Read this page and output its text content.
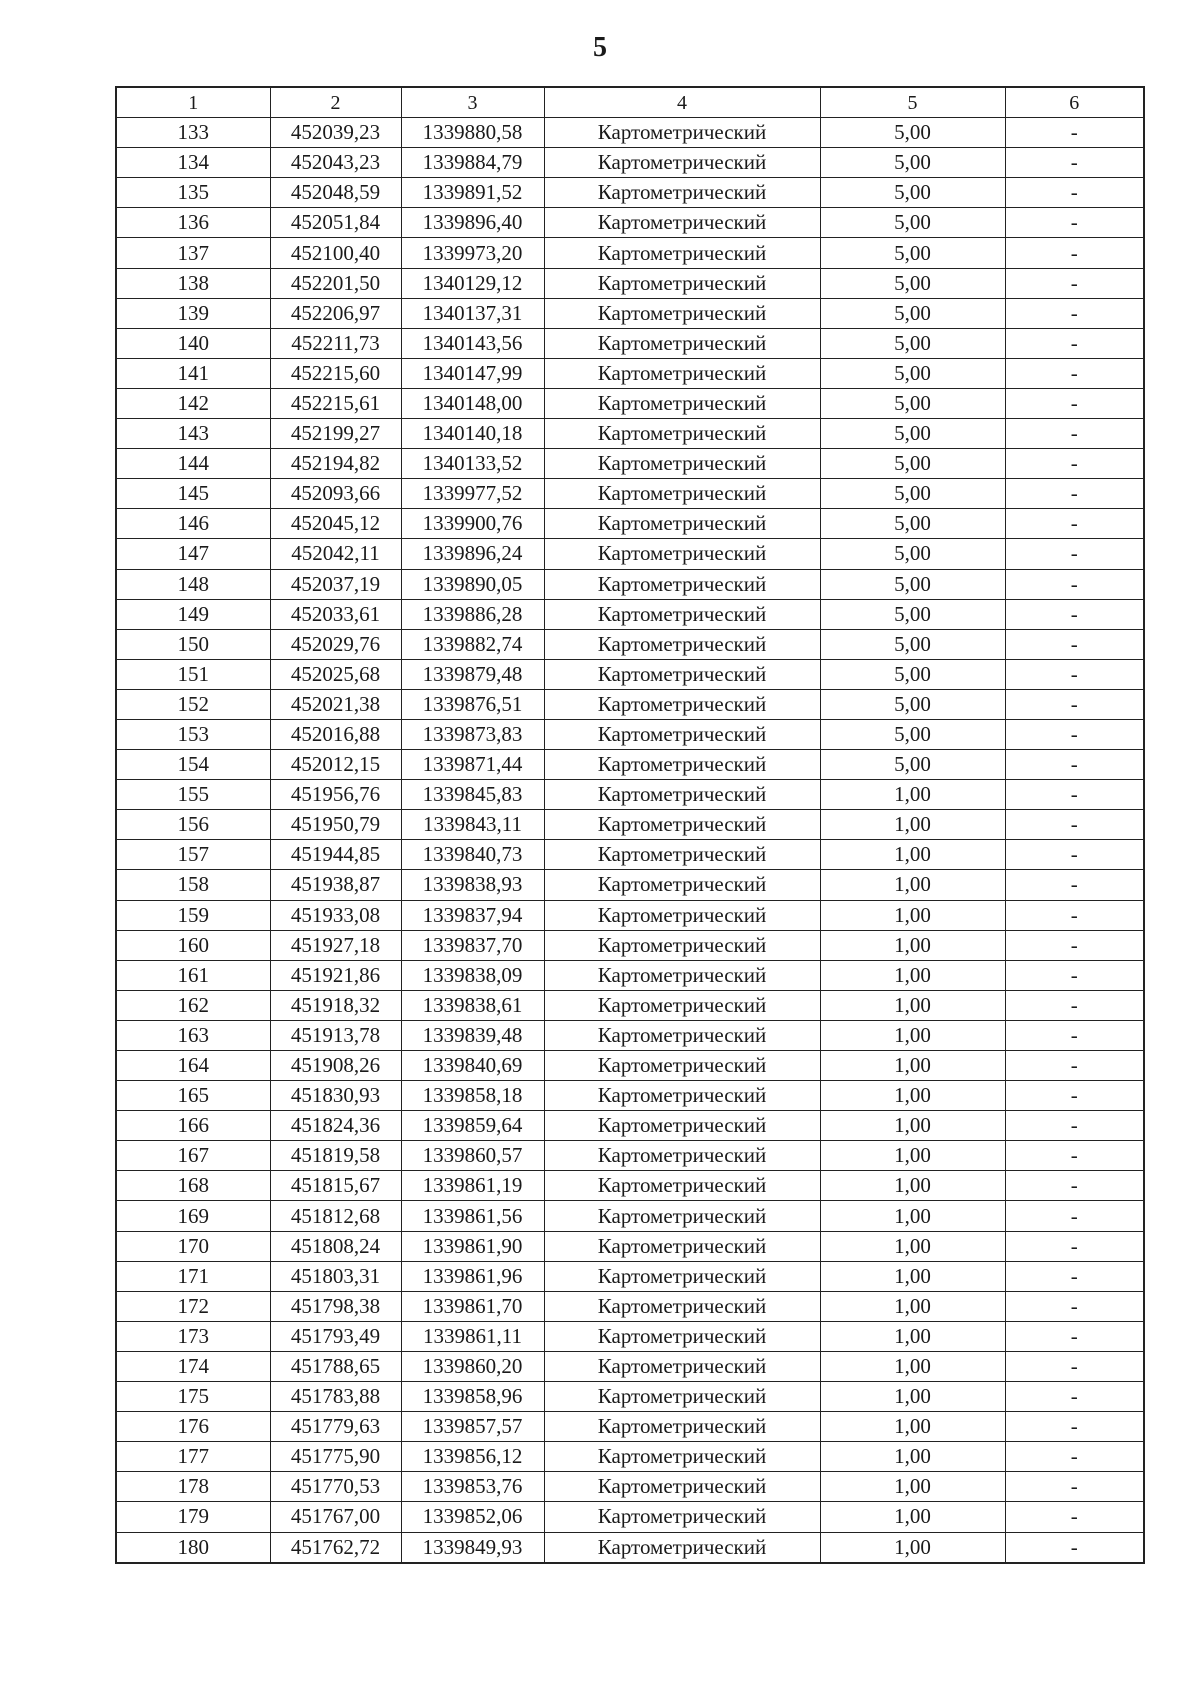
5
1	2	3	4	5	6
133	452039,23	1339880,58	Картометрический	5,00	-
134	452043,23	1339884,79	Картометрический	5,00	-
135	452048,59	1339891,52	Картометрический	5,00	-
136	452051,84	1339896,40	Картометрический	5,00	-
137	452100,40	1339973,20	Картометрический	5,00	-
138	452201,50	1340129,12	Картометрический	5,00	-
139	452206,97	1340137,31	Картометрический	5,00	-
140	452211,73	1340143,56	Картометрический	5,00	-
141	452215,60	1340147,99	Картометрический	5,00	-
142	452215,61	1340148,00	Картометрический	5,00	-
143	452199,27	1340140,18	Картометрический	5,00	-
144	452194,82	1340133,52	Картометрический	5,00	-
145	452093,66	1339977,52	Картометрический	5,00	-
146	452045,12	1339900,76	Картометрический	5,00	-
147	452042,11	1339896,24	Картометрический	5,00	-
148	452037,19	1339890,05	Картометрический	5,00	-
149	452033,61	1339886,28	Картометрический	5,00	-
150	452029,76	1339882,74	Картометрический	5,00	-
151	452025,68	1339879,48	Картометрический	5,00	-
152	452021,38	1339876,51	Картометрический	5,00	-
153	452016,88	1339873,83	Картометрический	5,00	-
154	452012,15	1339871,44	Картометрический	5,00	-
155	451956,76	1339845,83	Картометрический	1,00	-
156	451950,79	1339843,11	Картометрический	1,00	-
157	451944,85	1339840,73	Картометрический	1,00	-
158	451938,87	1339838,93	Картометрический	1,00	-
159	451933,08	1339837,94	Картометрический	1,00	-
160	451927,18	1339837,70	Картометрический	1,00	-
161	451921,86	1339838,09	Картометрический	1,00	-
162	451918,32	1339838,61	Картометрический	1,00	-
163	451913,78	1339839,48	Картометрический	1,00	-
164	451908,26	1339840,69	Картометрический	1,00	-
165	451830,93	1339858,18	Картометрический	1,00	-
166	451824,36	1339859,64	Картометрический	1,00	-
167	451819,58	1339860,57	Картометрический	1,00	-
168	451815,67	1339861,19	Картометрический	1,00	-
169	451812,68	1339861,56	Картометрический	1,00	-
170	451808,24	1339861,90	Картометрический	1,00	-
171	451803,31	1339861,96	Картометрический	1,00	-
172	451798,38	1339861,70	Картометрический	1,00	-
173	451793,49	1339861,11	Картометрический	1,00	-
174	451788,65	1339860,20	Картометрический	1,00	-
175	451783,88	1339858,96	Картометрический	1,00	-
176	451779,63	1339857,57	Картометрический	1,00	-
177	451775,90	1339856,12	Картометрический	1,00	-
178	451770,53	1339853,76	Картометрический	1,00	-
179	451767,00	1339852,06	Картометрический	1,00	-
180	451762,72	1339849,93	Картометрический	1,00	-
